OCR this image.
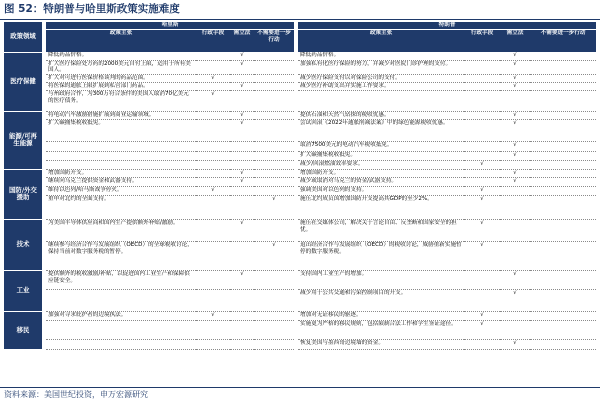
图 52：特朗普与哈里斯政策实施难度
政策领域		哈里斯					特朗普			
		政策主张	行政手段	需立法	不需要进一步行动		政策主张	行政手段	需立法	不需要进一步行动
医疗保健		降低药品价格。		√			降低药品价格。		√	
		扩大医疗保险处方药的2000美元自付上限，适用于所有美国人。		√			加强私有化医疗保险的努力，并减少对医院门诊护理的支付。		√	
		扩大对可进行医保价格谈判的药品范围。	√				减少医疗保险支付以对保险公司的支付。		√	
		将医保的通胀上限扩展到私营部门药品。		√			减少医疗补助支出并实施工作要求。		√	
		与州政府合作，为300万符合条件的美国人取消70亿美元的医疗债务。	√							
能源/可再生能源		将电动汽车激励措施扩展到商业运输领域。		√			提供石油和天然气钻探的税收优惠。		√	
		扩大碳捕集税收抵免。		√			尝试回滚《2022年通胀削减法案》中的绿色能源税收优惠。		√	
							取消7500美元的电动汽车税收抵免。		√	
							扩大碳捕集税收抵免。		√	
							减少/回滚燃油效率要求。	√		
国防/外交援助		增加国防开支。		√			增加国防开支。		√	
		继续向乌克兰提供资金和武器支持。		√			减少或取消对乌克兰的资金/武器支持。		√	
		维持以色列/哈马斯战争停火。	√				强调美国对以色列的支持。	√		
		重申对北约的全面支持。			√		施压北约成员国增加国防开支提高其GDP的至少2%。	√		
技术		为美国半导体供应商和国内生产提供额外补贴/激励。		√			施压社交媒体公司，解决关于言论自由、反垄断和国家安全的担忧。	√		
		继续参与经济合作与发展组织（OECD）的全球税收讨论，保持当前对数字服务税的暂停。			√		退出经济合作与发展组织（OECD）的税收讨论，威胁重新实施暂停的数字服务税。	√		
工业		提供额外的税收激励/补贴，以促进国内工业生产和保障供应链安全。		√			支持国内工业生产的增加。		√	
							减少用于公共交通和污染控制项目的开支。		√	
移民		加强对寻求庇护者的边境执法。	√				增加对无证移民的驱逐。	√		
							实施更为严格的移民规则，包括限制合法工作和学生签证途径。	√		
							恢复美国与墨西哥边境墙的资金。		√	
资料来源：美国世纪投资，申万宏源研究
